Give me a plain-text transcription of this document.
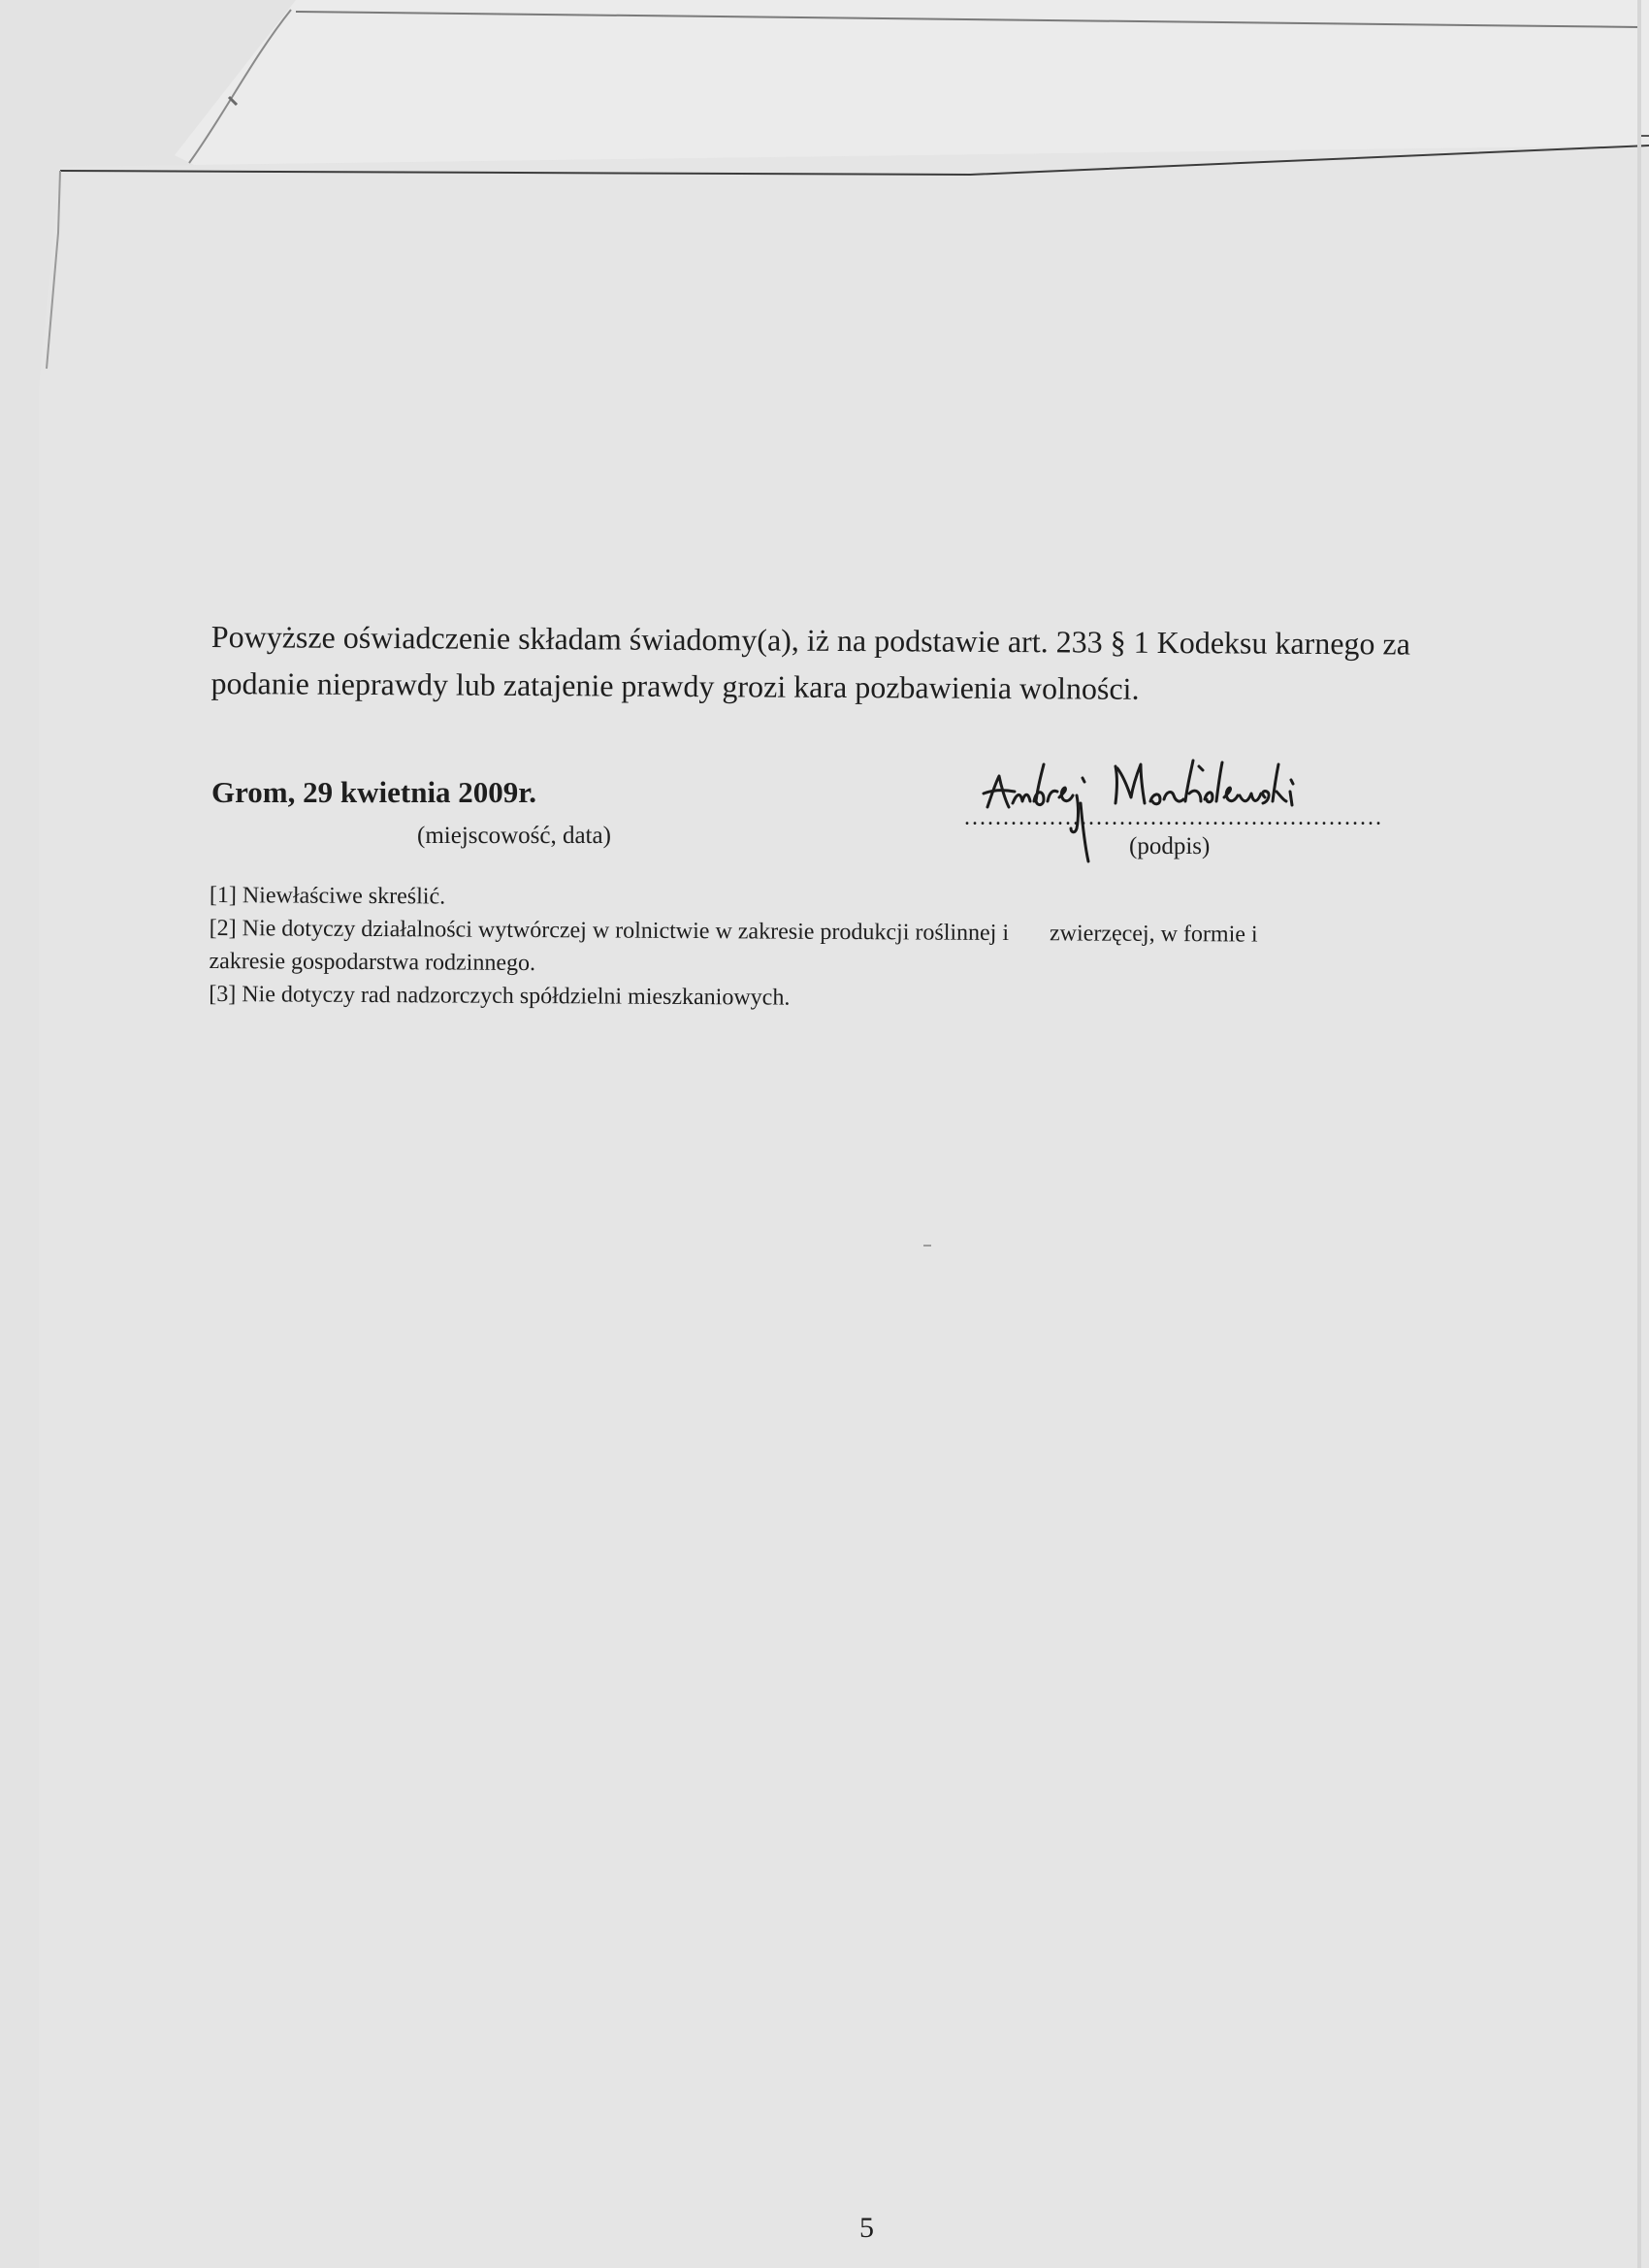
Powyższe oświadczenie składam świadomy(a), iż na podstawie art. 233 § 1 Kodeksu karnego za
podanie nieprawdy lub zatajenie prawdy grozi kara pozbawienia wolności.

Grom, 29 kwietnia 2009r.

(miejscowość, data)

......................................................

(podpis)

[1] Niewłaściwe skreślić.
[2] Nie dotyczy działalności wytwórczej w rolnictwie w zakresie produkcji roślinnej i zwierzęcej, w formie i
zakresie gospodarstwa rodzinnego.
[3] Nie dotyczy rad nadzorczych spółdzielni mieszkaniowych.

5
